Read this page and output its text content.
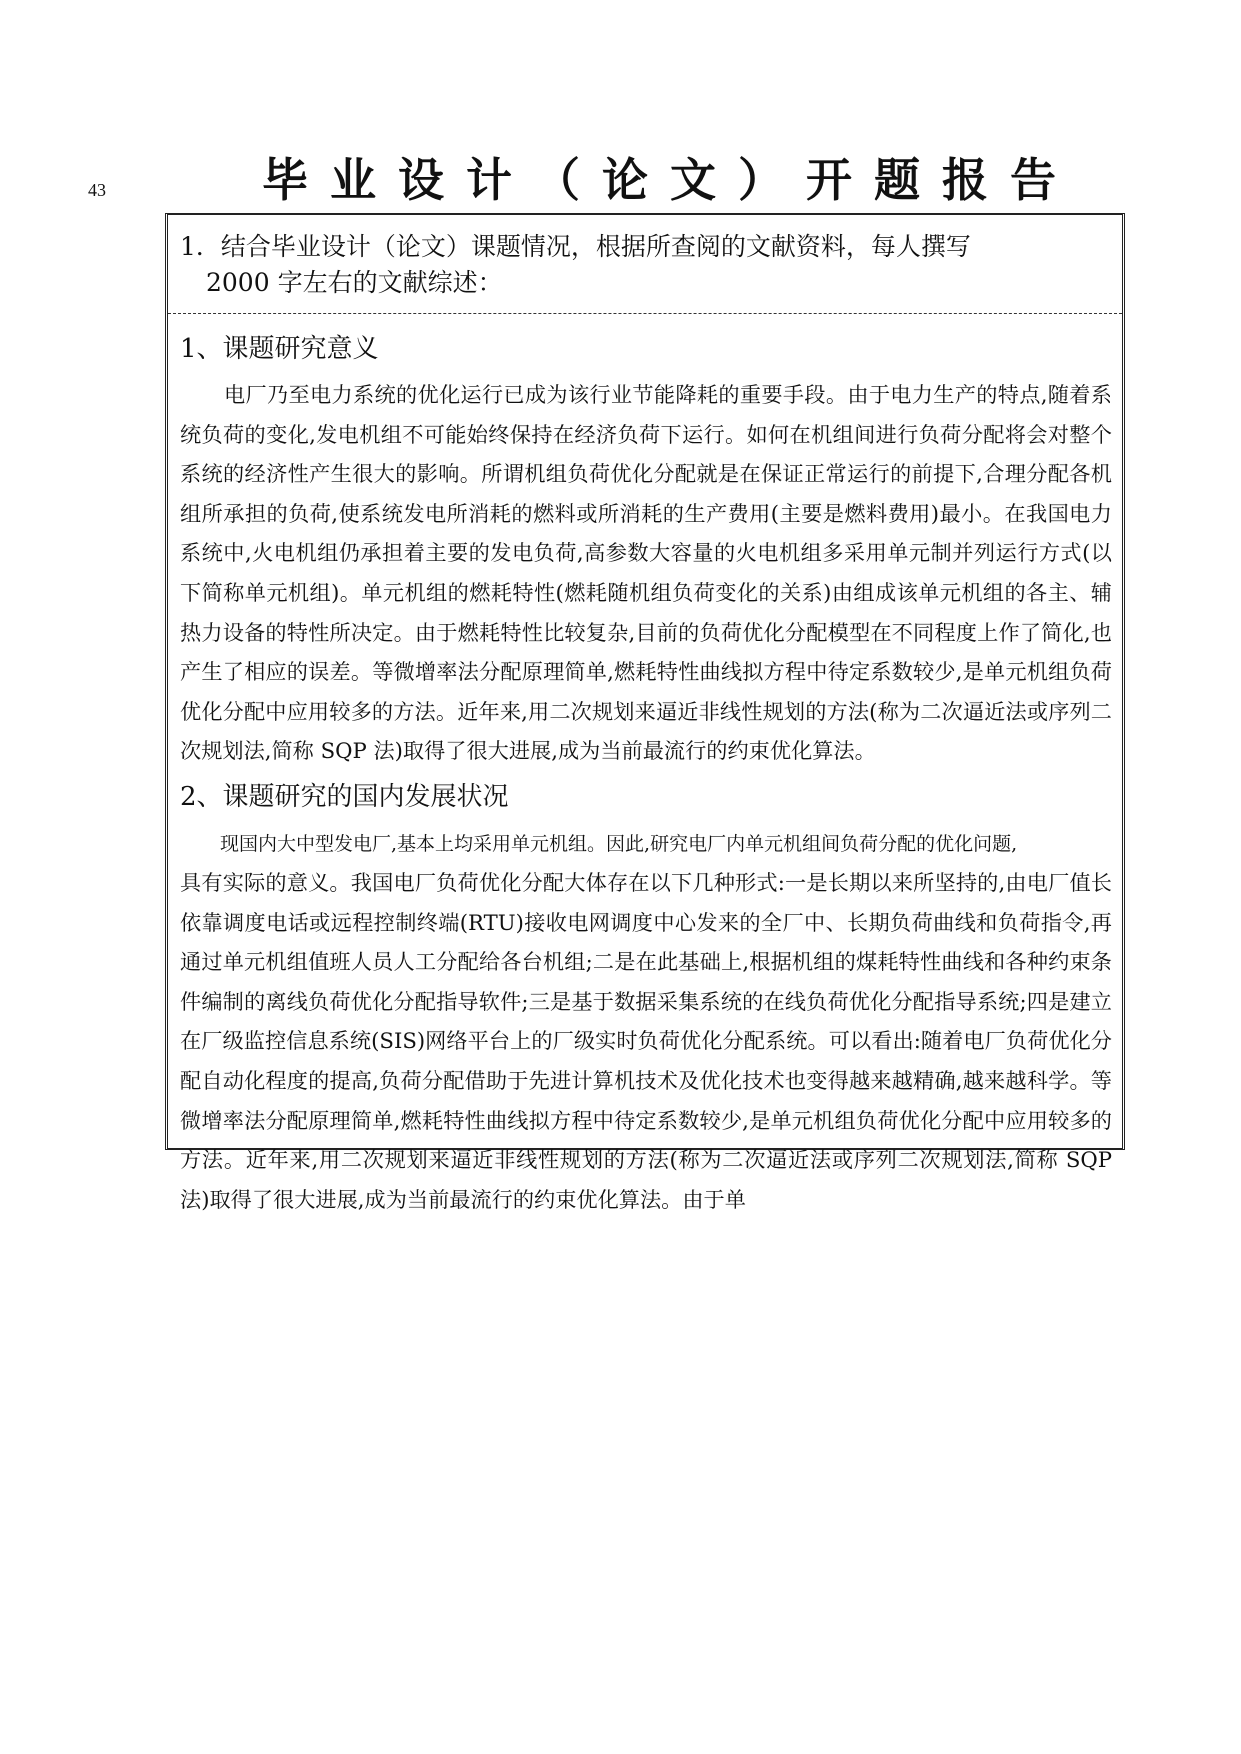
43	毕业设计（论文）开题报告
1．结合毕业设计（论文）课题情况，根据所查阅的文献资料，每人撰写
2000 字左右的文献综述：
1、课题研究意义
电厂乃至电力系统的优化运行已成为该行业节能降耗的重要手段。由于电力生产的特点,随着系统负荷的变化,发电机组不可能始终保持在经济负荷下运行。如何在机组间进行负荷分配将会对整个系统的经济性产生很大的影响。所谓机组负荷优化分配就是在保证正常运行的前提下,合理分配各机组所承担的负荷,使系统发电所消耗的燃料或所消耗的生产费用(主要是燃料费用)最小。在我国电力系统中,火电机组仍承担着主要的发电负荷,高参数大容量的火电机组多采用单元制并列运行方式(以下简称单元机组)。单元机组的燃耗特性(燃耗随机组负荷变化的关系)由组成该单元机组的各主、辅热力设备的特性所决定。由于燃耗特性比较复杂,目前的负荷优化分配模型在不同程度上作了简化,也产生了相应的误差。等微增率法分配原理简单,燃耗特性曲线拟方程中待定系数较少,是单元机组负荷优化分配中应用较多的方法。近年来,用二次规划来逼近非线性规划的方法(称为二次逼近法或序列二次规划法,简称 SQP 法)取得了很大进展,成为当前最流行的约束优化算法。
2、课题研究的国内发展状况
现国内大中型发电厂,基本上均采用单元机组。因此,研究电厂内单元机组间负荷分配的优化问题,
具有实际的意义。我国电厂负荷优化分配大体存在以下几种形式:一是长期以来所坚持的,由电厂值长依靠调度电话或远程控制终端(RTU)接收电网调度中心发来的全厂中、长期负荷曲线和负荷指令,再通过单元机组值班人员人工分配给各台机组;二是在此基础上,根据机组的煤耗特性曲线和各种约束条件编制的离线负荷优化分配指导软件;三是基于数据采集系统的在线负荷优化分配指导系统;四是建立在厂级监控信息系统(SIS)网络平台上的厂级实时负荷优化分配系统。可以看出:随着电厂负荷优化分配自动化程度的提高,负荷分配借助于先进计算机技术及优化技术也变得越来越精确,越来越科学。等微增率法分配原理简单,燃耗特性曲线拟方程中待定系数较少,是单元机组负荷优化分配中应用较多的方法。近年来,用二次规划来逼近非线性规划的方法(称为二次逼近法或序列二次规划法,简称 SQP 法)取得了很大进展,成为当前最流行的约束优化算法。由于单
